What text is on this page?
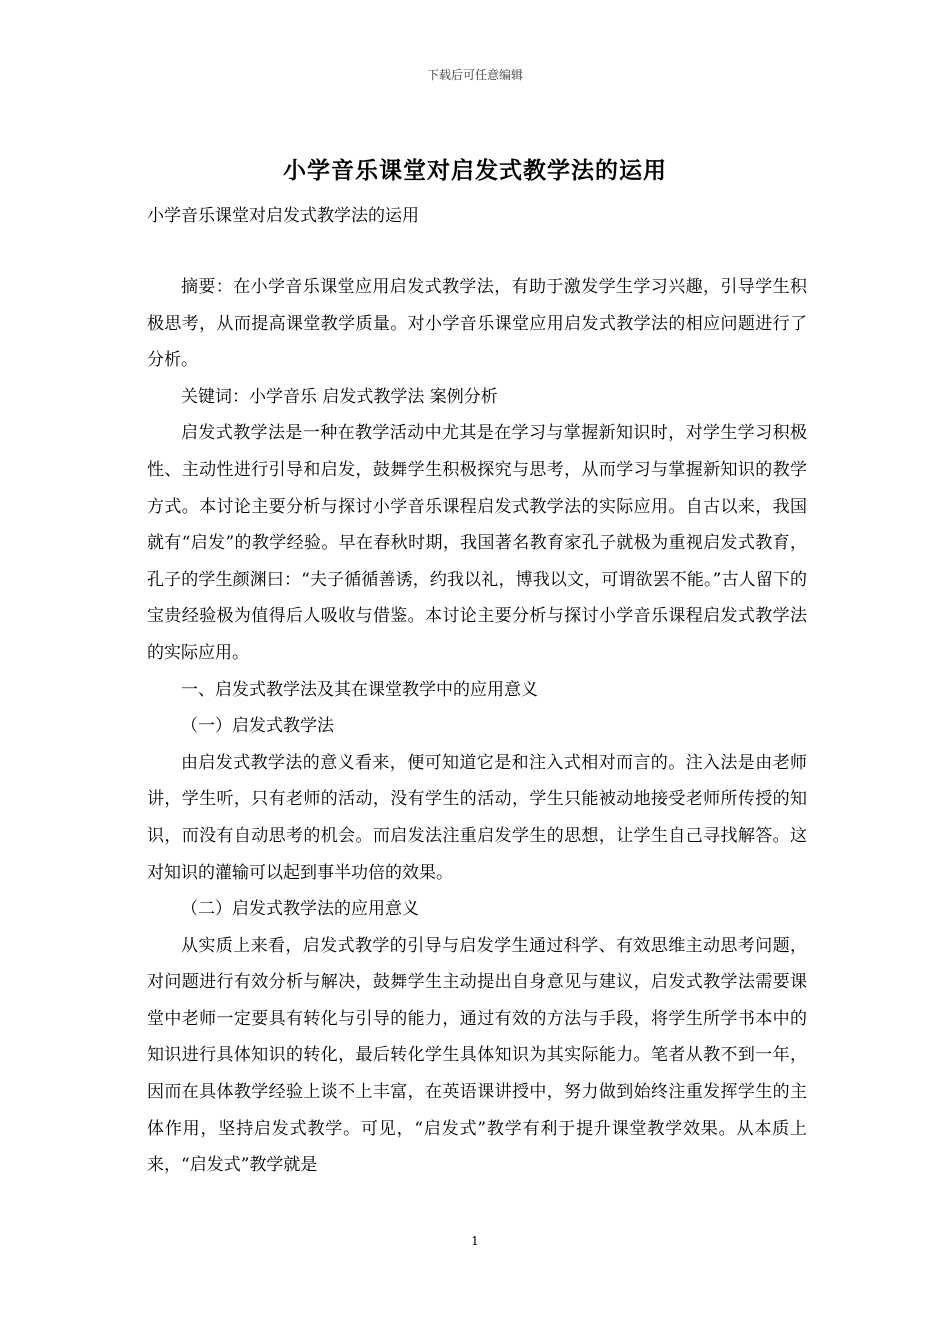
下载后可任意编辑
小学音乐课堂对启发式教学法的运用
小学音乐课堂对启发式教学法的运用

摘要：在小学音乐课堂应用启发式教学法，有助于激发学生学习兴趣，引导学生积极思考，从而提高课堂教学质量。对小学音乐课堂应用启发式教学法的相应问题进行了分析。

关键词：小学音乐 启发式教学法 案例分析

启发式教学法是一种在教学活动中尤其是在学习与掌握新知识时，对学生学习积极性、主动性进行引导和启发，鼓舞学生积极探究与思考，从而学习与掌握新知识的教学方式。本讨论主要分析与探讨小学音乐课程启发式教学法的实际应用。自古以来，我国就有“启发”的教学经验。早在春秋时期，我国著名教育家孔子就极为重视启发式教育，孔子的学生颜渊曰：“夫子循循善诱，约我以礼，博我以文，可谓欲罢不能。”古人留下的宝贵经验极为值得后人吸收与借鉴。本讨论主要分析与探讨小学音乐课程启发式教学法的实际应用。

一、启发式教学法及其在课堂教学中的应用意义

（一）启发式教学法

由启发式教学法的意义看来，便可知道它是和注入式相对而言的。注入法是由老师讲，学生听，只有老师的活动，没有学生的活动，学生只能被动地接受老师所传授的知识，而没有自动思考的机会。而启发法注重启发学生的思想，让学生自己寻找解答。这对知识的灌输可以起到事半功倍的效果。

（二）启发式教学法的应用意义

从实质上来看，启发式教学的引导与启发学生通过科学、有效思维主动思考问题，对问题进行有效分析与解决，鼓舞学生主动提出自身意见与建议，启发式教学法需要课堂中老师一定要具有转化与引导的能力，通过有效的方法与手段，将学生所学书本中的知识进行具体知识的转化，最后转化学生具体知识为其实际能力。笔者从教不到一年，因而在具体教学经验上谈不上丰富，在英语课讲授中，努力做到始终注重发挥学生的主体作用，坚持启发式教学。可见，“启发式”教学有利于提升课堂教学效果。从本质上来，“启发式”教学就是

1
